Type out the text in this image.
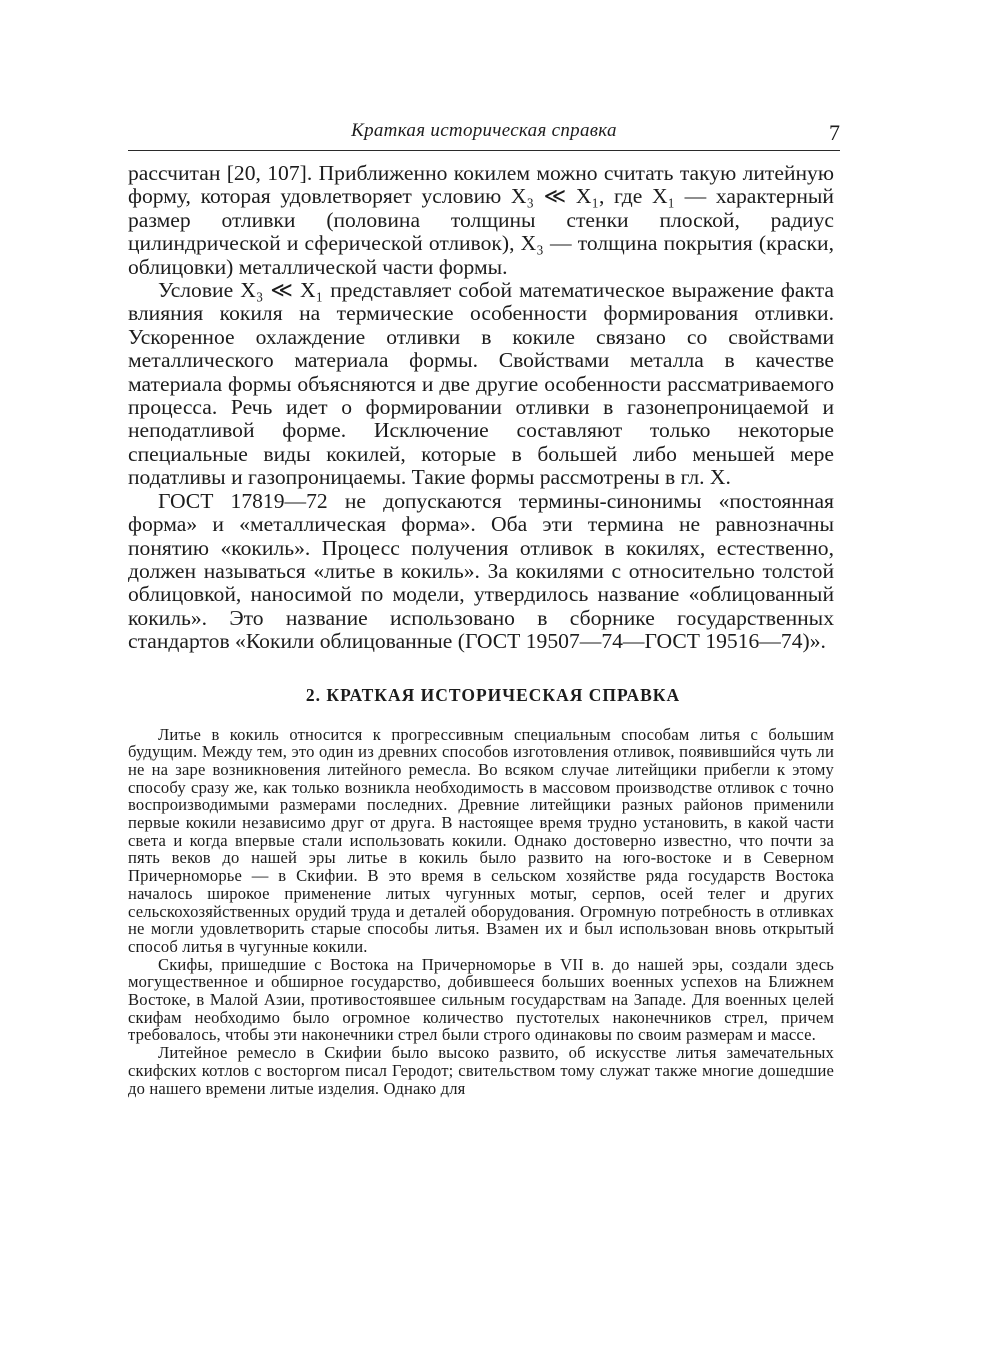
Краткая историческая справка	7

рассчитан [20, 107]. Приближенно кокилем можно считать такую литейную форму, которая удовлетворяет условию X₃ ≪ X₁, где X₁ — характерный размер отливки (половина толщины стенки плоской, радиус цилиндрической и сферической отливок), X₃ — толщина покрытия (краски, облицовки) металлической части формы.

Условие X₃ ≪ X₁ представляет собой математическое выражение факта влияния кокиля на термические особенности формирования отливки. Ускоренное охлаждение отливки в кокиле связано со свойствами металлического материала формы. Свойствами металла в качестве материала формы объясняются и две другие особенности рассматриваемого процесса. Речь идет о формировании отливки в газонепроницаемой и неподатливой форме. Исключение составляют только некоторые специальные виды кокилей, которые в большей либо меньшей мере податливы и газопроницаемы. Такие формы рассмотрены в гл. X.

ГОСТ 17819—72 не допускаются термины-синонимы «постоянная форма» и «металлическая форма». Оба эти термина не равнозначны понятию «кокиль». Процесс получения отливок в кокилях, естественно, должен называться «литье в кокиль». За кокилями с относительно толстой облицовкой, наносимой по модели, утвердилось название «облицованный кокиль». Это название использовано в сборнике государственных стандартов «Кокили облицованные (ГОСТ 19507—74—ГОСТ 19516—74)».

2. КРАТКАЯ ИСТОРИЧЕСКАЯ СПРАВКА

Литье в кокиль относится к прогрессивным специальным способам литья с большим будущим. Между тем, это один из древних способов изготовления отливок, появившийся чуть ли не на заре возникновения литейного ремесла. Во всяком случае литейщики прибегли к этому способу сразу же, как только возникла необходимость в массовом производстве отливок с точно воспроизводимыми размерами последних. Древние литейщики разных районов применили первые кокили независимо друг от друга. В настоящее время трудно установить, в какой части света и когда впервые стали использовать кокили. Однако достоверно известно, что почти за пять веков до нашей эры литье в кокиль было развито на юго-востоке и в Северном Причерноморье — в Скифии. В это время в сельском хозяйстве ряда государств Востока началось широкое применение литых чугунных мотыг, серпов, осей телег и других сельскохозяйственных орудий труда и деталей оборудования. Огромную потребность в отливках не могли удовлетворить старые способы литья. Взамен их и был использован вновь открытый способ литья в чугунные кокили.

Скифы, пришедшие с Востока на Причерноморье в VII в. до нашей эры, создали здесь могущественное и обширное государство, добившееся больших военных успехов на Ближнем Востоке, в Малой Азии, противостоявшее сильным государствам на Западе. Для военных целей скифам необходимо было огромное количество пустотелых наконечников стрел, причем требовалось, чтобы эти наконечники стрел были строго одинаковы по своим размерам и массе.

Литейное ремесло в Скифии было высоко развито, об искусстве литья замечательных скифских котлов с восторгом писал Геродот; свительством тому служат также многие дошедшие до нашего времени литые изделия. Однако для
